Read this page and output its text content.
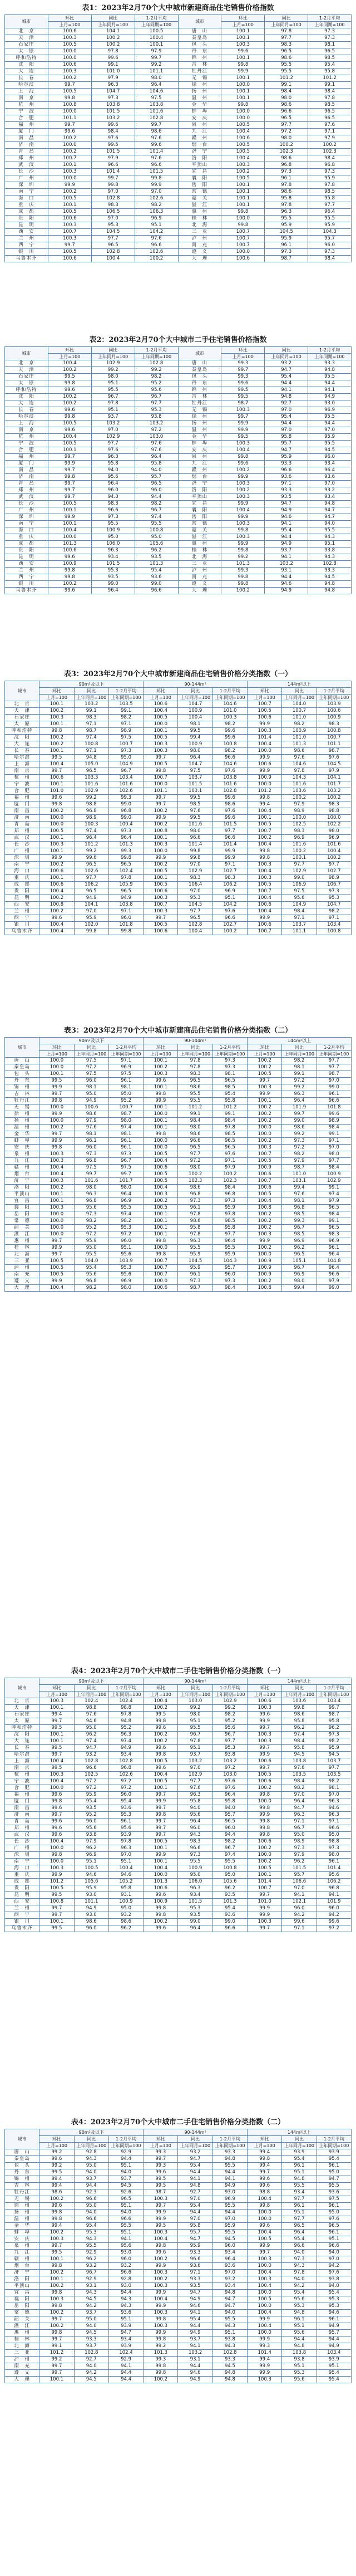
表1：2023年2月70个大中城市新建商品住宅销售价格指数
城市	环比	同比	1-2月平均	城市	环比	同比	1-2月平均
	上月=100	上年同月=100	上年同期=100		上月=100	上年同月=100	上年同期=100
北　京	100.6	104.1	100.5	唐　山	100.1	97.8	97.3
天　津	100.3	100.2	100.4	秦皇岛	100.1	97.7	97.3
石家庄	100.5	100.2	100.1	包　头	100.3	98.3	98.1
太　原	100.0	97.8	97.9	丹　东	99.6	96.5	96.5
呼和浩特	100.0	99.6	99.7	锦　州	100.1	98.6	98.5
沈　阳	100.6	99.1	99.2	吉　林	99.8	95.5	95.4
大　连	100.3	101.0	101.1	牡丹江	99.9	95.5	95.8
长　春	100.2	97.9	98.0	无　锡	100.1	101.2	101.2
哈尔滨	99.7	96.3	96.4	徐　州	100.0	99.1	99.1
上　海	100.5	104.7	104.6	扬　州	100.1	98.4	98.4
南　京	99.8	97.3	97.5	温　州	100.1	98.0	97.8
杭　州	100.8	103.8	103.8	金　华	99.8	98.6	98.5
宁　波	100.0	101.5	101.6	蚌　埠	100.0	96.6	96.5
合　肥	101.1	103.2	102.8	安　庆	100.0	96.5	96.5
福　州	99.7	99.6	99.7	泉　州	100.5	97.7	97.6
厦　门	99.6	98.4	98.6	九　江	100.4	97.2	97.1
南　昌	100.2	97.6	97.6	赣　州	100.6	98.0	97.9
济　南	100.0	99.5	99.6	烟　台	100.5	100.2	100.2
青　岛	100.2	101.5	101.4	济　宁	100.5	102.3	102.3
郑　州	100.7	97.9	97.6	洛　阳	100.4	98.6	98.4
武　汉	100.1	96.6	96.6	平顶山	100.3	96.8	96.8
长　沙	100.3	101.4	101.5	宜　昌	100.2	97.3	97.3
广　州	100.0	99.7	99.8	襄　阳	100.5	96.1	95.9
深　圳	99.9	99.8	99.9	岳　阳	100.1	97.8	97.8
南　宁	100.2	97.0	97.0	常　德	100.1	98.6	98.5
海　口	100.5	102.8	102.6	韶　关	100.1	95.8	95.8
重　庆	100.1	98.3	98.2	湛　江	100.1	97.8	97.7
成　都	100.5	106.5	106.3	惠　州	99.8	96.3	96.4
贵　阳	100.6	97.0	96.9	桂　林	100.0	95.5	95.5
昆　明	100.3	95.3	95.1	北　海	99.8	95.9	95.9
西　安	100.7	104.5	104.2	三　亚	100.7	104.5	104.3
兰　州	100.3	97.7	97.6	泸　州	100.7	95.9	95.7
西　宁	99.7	96.5	96.6	南　充	100.7	96.1	96.0
银　川	100.5	102.8	102.6	遵　义	100.0	97.3	97.3
乌鲁木齐	100.6	100.4	100.2	大　理	100.6	98.7	98.4
表2：2023年2月70个大中城市二手住宅销售价格指数
城市	环比	同比	1-2月平均	城市	环比	同比	1-2月平均
	上月=100	上年同月=100	上年同期=100		上月=100	上年同月=100	上年同期=100
北　京	100.4	102.9	102.8	唐　山	99.3	93.2	93.3
天　津	100.2	99.2	99.2	秦皇岛	99.7	94.7	94.8
石家庄	99.5	98.0	98.2	包　头	99.3	95.4	95.5
太　原	99.8	95.1	95.2	丹　东	99.6	94.4	94.4
呼和浩特	99.6	95.5	95.6	锦　州	99.5	94.1	94.1
沈　阳	100.2	96.7	96.7	吉　林	99.5	94.8	94.9
大　连	100.2	97.8	97.7	牡丹江	98.7	92.7	93.0
长　春	99.6	95.1	95.3	无　锡	100.3	97.0	96.9
哈尔滨	99.8	93.7	93.8	徐　州	99.7	95.4	95.5
上　海	100.5	103.2	103.2	扬　州	99.9	94.4	94.4
南　京	99.6	97.0	97.2	温　州	99.9	97.0	97.0
杭　州	100.4	102.9	103.0	金　华	99.5	95.8	95.9
宁　波	100.5	97.7	97.6	蚌　埠	100.3	95.7	95.5
合　肥	100.1	97.6	97.6	安　庆	100.4	94.7	94.5
福　州	99.7	96.3	96.4	泉　州	99.8	95.9	96.0
厦　门	99.9	95.8	95.8	九　江	99.6	93.3	93.4
南　昌	99.7	94.0	94.0	赣　州	100.2	96.6	96.4
济　南	99.8	95.6	95.7	烟　台	99.9	93.6	93.6
青　岛	99.7	96.4	96.5	济　宁	100.3	97.1	97.0
郑　州	99.7	96.0	96.0	洛　阳	100.2	93.3	93.2
武　汉	99.7	94.3	94.4	平顶山	100.3	93.5	93.4
长　沙	100.5	98.3	98.2	宜　昌	99.9	94.7	94.8
广　州	100.1	96.6	96.7	襄　阳	100.4	94.9	94.7
深　圳	99.9	97.3	97.4	岳　阳	99.9	94.6	94.7
南　宁	100.1	95.5	95.5	常　德	100.3	94.1	94.0
海　口	100.4	100.9	100.8	韶　关	99.8	95.4	95.5
重　庆	100.0	95.0	95.0	湛　江	100.3	94.4	94.3
成　都	101.3	106.0	105.6	惠　州	99.9	94.9	95.1
贵　阳	100.6	96.3	96.2	桂　林	99.8	93.7	93.8
昆　明	99.6	93.4	93.5	北　海	99.2	94.1	94.3
西　安	100.9	101.5	101.3	三　亚	101.3	103.2	102.8
兰　州	99.8	95.3	95.4	泸　州	99.3	93.1	93.3
西　宁	99.8	93.5	93.6	南　充	99.8	94.4	94.5
银　川	100.2	99.0	99.0	遵　义	99.8	94.6	94.8
乌鲁木齐	99.6	96.4	96.6	大　理	100.2	94.9	94.8
表3：2023年2月70个大中城市新建商品住宅销售价格分类指数（一）
城市	90m²及以下			90-144m²			144m²以上		
	环比	同比	1-2月平均	环比	同比	1-2月平均	环比	同比	1-2月平均
	上月=100	上年同月=100	上年同期=100	上月=100	上年同月=100	上年同期=100	上月=100	上年同月=100	上年同期=100
北　京	100.1	103.2	103.5	100.6	104.7	104.6	100.7	104.0	103.9
天　津	100.2	99.1	99.1	100.4	100.9	101.0	100.5	100.7	100.6
石家庄	100.3	98.3	98.2	100.5	100.4	100.3	100.6	101.0	100.9
太　原	100.1	97.1	97.1	100.0	98.1	98.2	99.9	98.2	98.3
呼和浩特	99.8	98.7	98.9	100.1	99.5	99.6	100.3	100.9	100.8
沈　阳	100.2	97.4	97.5	100.5	99.4	99.6	101.4	101.0	100.7
大　连	100.2	100.8	100.7	100.3	100.9	100.8	100.4	101.3	101.1
长　春	100.1	97.1	97.3	100.3	98.0	98.2	100.0	98.6	98.7
哈尔滨	99.5	94.8	95.0	99.7	96.4	96.6	99.9	97.6	97.6
上　海	100.4	105.0	104.9	100.5	104.7	104.6	100.6	104.6	104.5
南　京	99.7	96.5	96.7	99.8	97.5	97.6	99.9	97.8	97.9
杭　州	100.6	103.3	103.4	100.7	103.7	103.8	100.9	104.3	104.1
宁　波	100.1	101.6	101.6	100.0	101.5	101.6	100.0	101.6	101.7
合　肥	101.0	102.9	102.6	101.1	103.1	102.8	101.2	103.6	103.2
福　州	99.6	99.2	99.3	99.7	99.5	99.6	99.8	100.2	100.2
厦　门	99.8	98.8	99.0	99.7	98.5	98.6	99.4	97.9	98.3
南　昌	100.2	96.8	96.8	100.2	97.6	97.6	100.4	98.9	98.8
济　南	100.0	98.9	99.0	99.9	99.5	99.6	100.1	100.0	100.0
青　岛	100.0	100.3	100.4	100.2	101.6	101.5	100.5	102.5	102.2
郑　州	100.5	97.4	97.3	100.8	98.0	97.7	100.7	98.3	98.0
武　汉	100.1	96.4	96.4	100.1	96.6	96.6	100.2	96.9	96.9
长　沙	100.3	101.2	101.3	100.3	101.4	101.4	100.4	101.6	101.6
广　州	100.1	99.2	99.3	100.0	99.8	99.9	99.8	100.2	100.4
深　圳	99.9	99.6	99.8	99.9	99.8	99.9	99.8	100.1	100.2
南　宁	100.2	96.5	96.5	100.2	97.0	97.1	100.3	97.7	97.7
海　口	100.6	102.6	102.4	100.5	102.9	102.7	100.4	102.9	102.7
重　庆	100.1	97.7	97.8	100.1	98.3	98.3	100.3	99.0	98.9
成　都	100.6	106.2	105.9	100.5	106.4	106.2	100.5	106.9	106.7
贵　阳	100.4	96.5	96.5	100.6	97.0	96.9	100.7	97.5	97.3
昆　明	100.2	94.9	94.9	100.3	95.3	95.1	100.4	95.6	95.3
西　安	100.8	104.1	103.8	100.7	104.5	104.2	100.6	104.9	104.7
兰　州	100.2	97.0	97.1	100.3	97.7	97.6	100.4	98.4	98.2
西　宁	99.6	95.9	96.0	99.7	96.5	96.6	99.9	97.1	97.1
银　川	100.4	102.0	101.8	100.5	102.8	102.7	100.6	103.7	103.4
乌鲁木齐	100.4	99.8	99.8	100.6	100.4	100.2	100.7	101.1	100.8
表3：2023年2月70个大中城市新建商品住宅销售价格分类指数（二）
城市	90m²及以下			90-144m²			144m²以上		
	环比	同比	1-2月平均	环比	同比	1-2月平均	环比	同比	1-2月平均
	上月=100	上年同月=100	上年同期=100	上月=100	上年同月=100	上年同期=100	上月=100	上年同月=100	上年同期=100
唐　山	100.0	97.5	97.1	100.1	97.8	97.3	100.2	98.2	97.7
秦皇岛	100.0	97.2	96.9	100.2	97.8	97.3	100.2	98.1	97.7
包　头	100.1	97.5	97.5	100.3	98.3	98.1	100.5	99.1	98.7
丹　东	99.5	96.0	96.1	99.6	96.5	96.5	99.7	97.2	97.0
锦　州	99.9	98.1	98.1	100.1	98.6	98.5	100.3	99.2	99.0
吉　林	99.7	95.0	95.0	99.8	95.5	95.4	99.9	96.3	96.1
牡丹江	99.8	94.9	95.2	99.9	95.5	95.8	100.1	96.4	96.6
无　锡	100.0	100.6	100.7	100.1	101.2	101.2	100.2	101.9	101.8
徐　州	99.9	98.6	98.7	100.0	99.1	99.1	100.2	99.7	99.6
扬　州	100.0	97.9	98.0	100.1	98.4	98.4	100.2	99.0	98.9
温　州	100.2	97.6	97.4	100.1	98.0	97.8	100.0	98.6	98.4
金　华	99.7	98.1	98.1	99.8	98.6	98.5	100.0	99.2	99.1
蚌　埠	99.9	96.1	96.1	100.0	96.6	96.5	100.2	97.3	97.1
安　庆	99.8	96.0	96.1	100.0	96.5	96.5	100.3	97.2	97.0
泉　州	100.3	97.3	97.3	100.5	97.7	97.6	100.7	98.2	98.0
九　江	100.3	96.8	96.7	100.4	97.2	97.1	100.5	97.9	97.7
赣　州	100.4	97.5	97.5	100.6	98.0	97.9	100.9	98.7	98.4
烟　台	100.4	99.7	99.7	100.5	100.2	100.2	100.6	101.0	100.9
济　宁	100.3	101.6	101.7	100.5	102.3	102.3	100.7	103.1	102.9
洛　阳	100.2	98.0	98.0	100.4	98.6	98.4	100.6	99.4	99.1
平顶山	100.1	96.3	96.4	100.3	96.8	96.8	100.5	97.6	97.4
宜　昌	100.1	96.8	96.9	100.2	97.3	97.3	100.4	98.1	97.9
襄　阳	100.3	95.6	95.5	100.5	96.1	95.9	100.8	96.8	96.5
岳　阳	100.0	97.3	97.4	100.1	97.8	97.8	100.2	98.5	98.4
常　德	100.0	98.2	98.2	100.1	98.6	98.5	100.2	99.3	99.1
韶　关	100.0	95.2	95.3	100.1	95.8	95.8	100.2	96.7	96.5
湛　江	100.0	97.2	97.2	100.1	97.8	97.7	100.3	98.5	98.3
惠　州	99.7	95.9	96.0	99.8	96.3	96.4	99.9	96.9	96.9
桂　林	99.9	95.0	95.1	100.0	95.5	95.5	100.2	96.2	96.1
北　海	99.7	95.5	95.6	99.8	95.9	95.9	100.0	96.5	96.4
三　亚	100.5	104.0	103.9	100.7	104.5	104.3	100.9	105.1	104.8
泸　州	100.5	95.4	95.3	100.7	95.9	95.7	100.9	96.7	96.4
南　充	100.5	95.6	95.6	100.7	96.1	96.0	100.9	96.9	96.6
遵　义	99.9	96.8	96.9	100.0	97.3	97.3	100.2	98.0	97.9
大　理	100.4	98.2	98.0	100.6	98.7	98.4	100.8	99.4	99.0
表4：2023年2月70个大中城市二手住宅销售价格分类指数（一）
城市	90m²及以下			90-144m²			144m²以上		
	环比	同比	1-2月平均	环比	同比	1-2月平均	环比	同比	1-2月平均
	上月=100	上年同月=100	上年同期=100	上月=100	上年同月=100	上年同期=100	上月=100	上年同月=100	上年同期=100
北　京	100.3	102.4	102.4	100.4	103.0	102.9	100.6	103.6	103.4
天　津	100.1	98.8	98.8	100.2	99.2	99.2	100.3	99.8	99.7
石家庄	99.4	97.6	97.8	99.5	98.0	98.2	99.6	98.6	98.7
太　原	99.7	94.6	94.8	99.8	95.1	95.2	99.9	95.8	95.8
呼和浩特	99.5	95.0	95.2	99.6	95.5	95.6	99.7	96.2	96.2
沈　阳	100.1	96.2	96.3	100.2	96.7	96.7	100.3	97.4	97.3
大　连	100.1	97.4	97.4	100.2	97.8	97.7	100.3	98.4	98.2
长　春	99.5	94.7	94.9	99.6	95.1	95.3	99.7	95.8	95.9
哈尔滨	99.7	93.2	93.4	99.8	93.7	93.8	99.9	94.5	94.5
上　海	100.4	102.8	102.8	100.5	103.2	103.2	100.6	103.8	103.7
南　京	99.5	96.6	96.8	99.6	97.0	97.2	99.7	97.6	97.7
杭　州	100.3	102.5	102.6	100.4	102.9	103.0	100.5	103.5	103.5
宁　波	100.4	97.2	97.2	100.5	97.7	97.6	100.6	98.4	98.2
合　肥	100.0	97.2	97.2	100.1	97.6	97.6	100.2	98.2	98.1
福　州	99.6	95.9	96.0	99.7	96.3	96.4	99.8	97.0	97.0
厦　门	99.8	95.4	95.4	99.9	95.8	95.8	100.0	96.4	96.3
南　昌	99.6	93.5	93.6	99.7	94.0	94.0	99.8	94.7	94.6
济　南	99.7	95.2	95.3	99.8	95.6	95.7	99.9	96.3	96.3
青　岛	99.6	96.0	96.1	99.7	96.4	96.5	99.8	97.1	97.1
郑　州	99.6	95.6	95.6	99.7	96.0	96.0	99.8	96.7	96.6
武　汉	99.6	93.8	93.9	99.7	94.3	94.4	99.8	95.0	95.0
长　沙	100.4	97.9	97.8	100.5	98.3	98.2	100.6	98.9	98.8
广　州	100.0	96.2	96.3	100.1	96.6	96.7	100.2	97.3	97.3
深　圳	99.8	96.9	97.0	99.9	97.3	97.4	100.0	97.9	98.0
南　宁	100.0	95.1	95.1	100.1	95.5	95.5	100.2	96.2	96.1
海　口	100.3	100.5	100.4	100.4	100.9	100.8	100.5	101.5	101.4
重　庆	99.9	94.6	94.6	100.0	95.0	95.0	100.1	95.7	95.6
成　都	101.2	105.6	105.2	101.3	106.0	105.6	101.4	106.6	106.2
贵　阳	100.5	95.9	95.8	100.6	96.3	96.2	100.7	97.0	96.8
昆　明	99.5	93.0	93.1	99.6	93.4	93.5	99.7	94.1	94.1
西　安	100.8	101.1	100.9	100.9	101.5	101.3	101.0	102.1	101.9
兰　州	99.7	94.9	95.0	99.8	95.3	95.4	99.9	96.0	96.0
西　宁	99.7	93.0	93.2	99.8	93.5	93.6	99.9	94.2	94.2
银　川	100.1	98.6	98.6	100.2	99.0	99.0	100.3	99.6	99.6
乌鲁木齐	99.5	96.0	96.2	99.6	96.4	96.6	99.7	97.1	97.2
表4：2023年2月70个大中城市二手住宅销售价格分类指数（二）
城市	90m²及以下			90-144m²			144m²以上		
	环比	同比	1-2月平均	环比	同比	1-2月平均	环比	同比	1-2月平均
	上月=100	上年同月=100	上年同期=100	上月=100	上年同月=100	上年同期=100	上月=100	上年同月=100	上年同期=100
唐　山	99.2	92.8	92.9	99.3	93.2	93.3	99.4	93.9	93.9
秦皇岛	99.6	94.3	94.4	99.7	94.7	94.8	99.8	95.4	95.4
包　头	99.2	95.0	95.1	99.3	95.4	95.5	99.4	96.1	96.1
丹　东	99.5	94.0	94.0	99.6	94.4	94.4	99.7	95.1	95.0
锦　州	99.4	93.7	93.7	99.5	94.1	94.1	99.6	94.8	94.7
吉　林	99.4	94.4	94.5	99.5	94.8	94.9	99.6	95.5	95.5
牡丹江	98.6	92.3	92.6	98.7	92.7	93.0	98.8	93.4	93.6
无　锡	100.2	96.6	96.5	100.3	97.0	96.9	100.4	97.7	97.5
徐　州	99.6	95.0	95.1	99.7	95.4	95.5	99.8	96.1	96.1
扬　州	99.8	94.0	94.0	99.9	94.4	94.4	100.0	95.1	95.0
温　州	99.8	96.6	96.6	99.9	97.0	97.0	100.0	97.7	97.6
金　华	99.4	95.4	95.5	99.5	95.8	95.9	99.6	96.5	96.5
蚌　埠	100.2	95.3	95.1	100.3	95.7	95.5	100.4	96.4	96.1
安　庆	100.3	94.3	94.1	100.4	94.7	94.5	100.5	95.4	95.1
泉　州	99.7	95.5	95.6	99.8	95.9	96.0	99.9	96.6	96.6
九　江	99.5	92.9	93.0	99.6	93.3	93.4	99.7	94.0	94.0
赣　州	100.1	96.2	96.0	100.2	96.6	96.4	100.3	97.3	97.0
烟　台	99.8	93.2	93.2	99.9	93.6	93.6	100.0	94.3	94.2
济　宁	100.2	96.7	96.6	100.3	97.1	97.0	100.4	97.8	97.6
洛　阳	100.1	92.9	92.8	100.2	93.3	93.2	100.3	94.0	93.8
平顶山	100.2	93.1	93.0	100.3	93.5	93.4	100.4	94.2	94.0
宜　昌	99.8	94.3	94.4	99.9	94.7	94.8	100.0	95.4	95.4
襄　阳	100.3	94.5	94.3	100.4	94.9	94.7	100.5	95.6	95.3
岳　阳	99.8	94.2	94.3	99.9	94.6	94.7	100.0	95.3	95.3
常　德	100.2	93.7	93.6	100.3	94.1	94.0	100.4	94.8	94.6
韶　关	99.7	95.0	95.1	99.8	95.4	95.5	99.9	96.1	96.1
湛　江	100.2	94.0	93.9	100.3	94.4	94.3	100.4	95.1	94.9
惠　州	99.8	94.5	94.7	99.9	94.9	95.1	100.0	95.6	95.7
桂　林	99.7	93.3	93.4	99.8	93.7	93.8	99.9	94.4	94.4
北　海	99.1	93.7	93.9	99.2	94.1	94.3	99.3	94.8	94.9
三　亚	101.2	102.8	102.4	101.3	103.2	102.8	101.4	103.8	103.4
泸　州	99.2	92.7	92.9	99.3	93.1	93.3	99.4	93.8	93.9
南　充	99.7	94.0	94.1	99.8	94.4	94.5	99.9	95.1	95.1
遵　义	99.7	94.2	94.4	99.8	94.6	94.8	99.9	95.3	95.4
大　理	100.1	94.5	94.4	100.2	94.9	94.8	100.3	95.6	95.4
